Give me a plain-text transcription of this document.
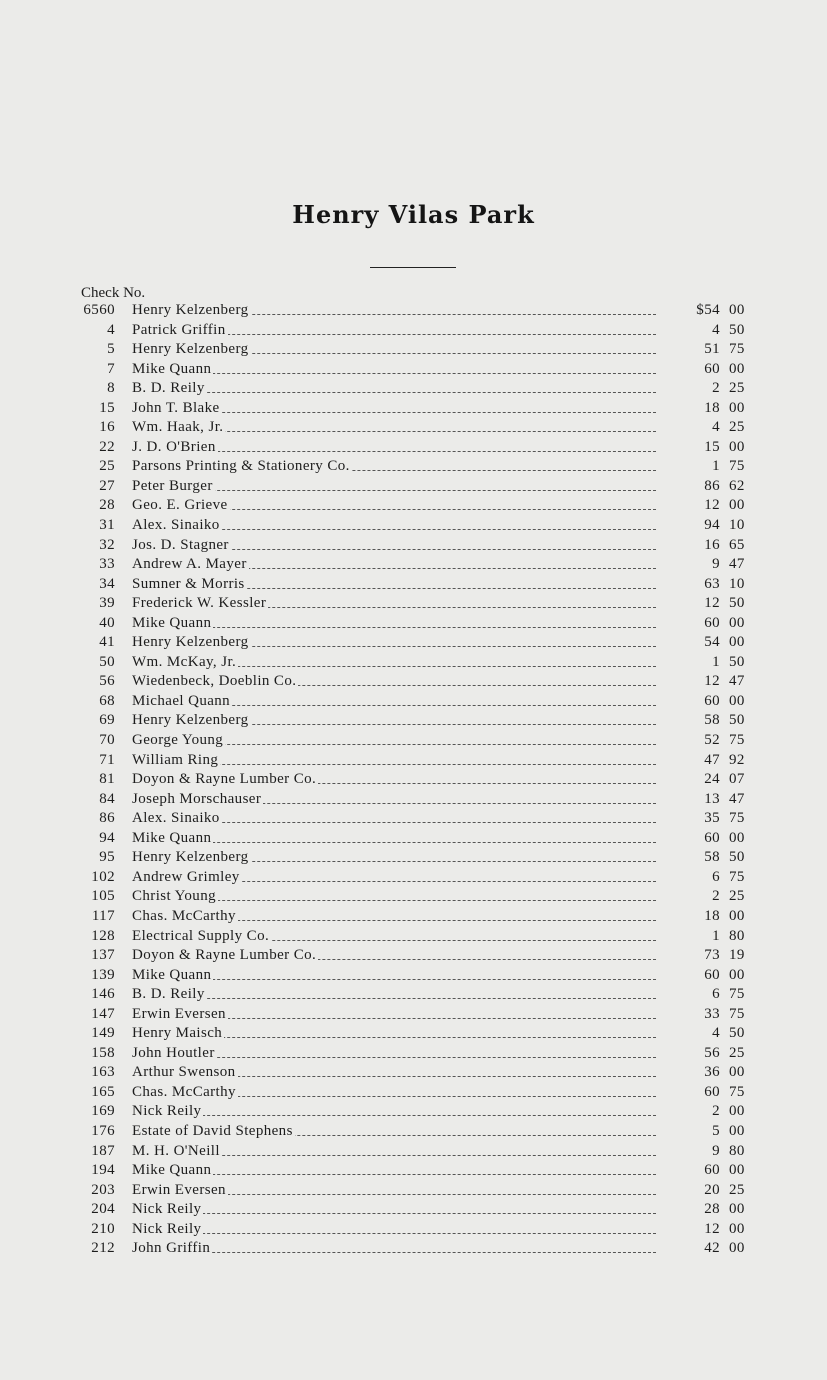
Henry Vilas Park
Check No.
6560 Henry Kelzenberg	$54 00
4 Patrick Griffin	4 50
5 Henry Kelzenberg	51 75
7 Mike Quann	60 00
8 B. D. Reily	2 25
15 John T. Blake	18 00
16 Wm. Haak, Jr.	4 25
22 J. D. O'Brien	15 00
25 Parsons Printing & Stationery Co.	1 75
27 Peter Burger	86 62
28 Geo. E. Grieve	12 00
31 Alex. Sinaiko	94 10
32 Jos. D. Stagner	16 65
33 Andrew A. Mayer	9 47
34 Sumner & Morris	63 10
39 Frederick W. Kessler	12 50
40 Mike Quann	60 00
41 Henry Kelzenberg	54 00
50 Wm. McKay, Jr.	1 50
56 Wiedenbeck, Doeblin Co.	12 47
68 Michael Quann	60 00
69 Henry Kelzenberg	58 50
70 George Young	52 75
71 William Ring	47 92
81 Doyon & Rayne Lumber Co.	24 07
84 Joseph Morschauser	13 47
86 Alex. Sinaiko	35 75
94 Mike Quann	60 00
95 Henry Kelzenberg	58 50
102 Andrew Grimley	6 75
105 Christ Young	2 25
117 Chas. McCarthy	18 00
128 Electrical Supply Co.	1 80
137 Doyon & Rayne Lumber Co.	73 19
139 Mike Quann	60 00
146 B. D. Reily	6 75
147 Erwin Eversen	33 75
149 Henry Maisch	4 50
158 John Houtler	56 25
163 Arthur Swenson	36 00
165 Chas. McCarthy	60 75
169 Nick Reily	2 00
176 Estate of David Stephens	5 00
187 M. H. O'Neill	9 80
194 Mike Quann	60 00
203 Erwin Eversen	20 25
204 Nick Reily	28 00
210 Nick Reily	12 00
212 John Griffin	42 00
